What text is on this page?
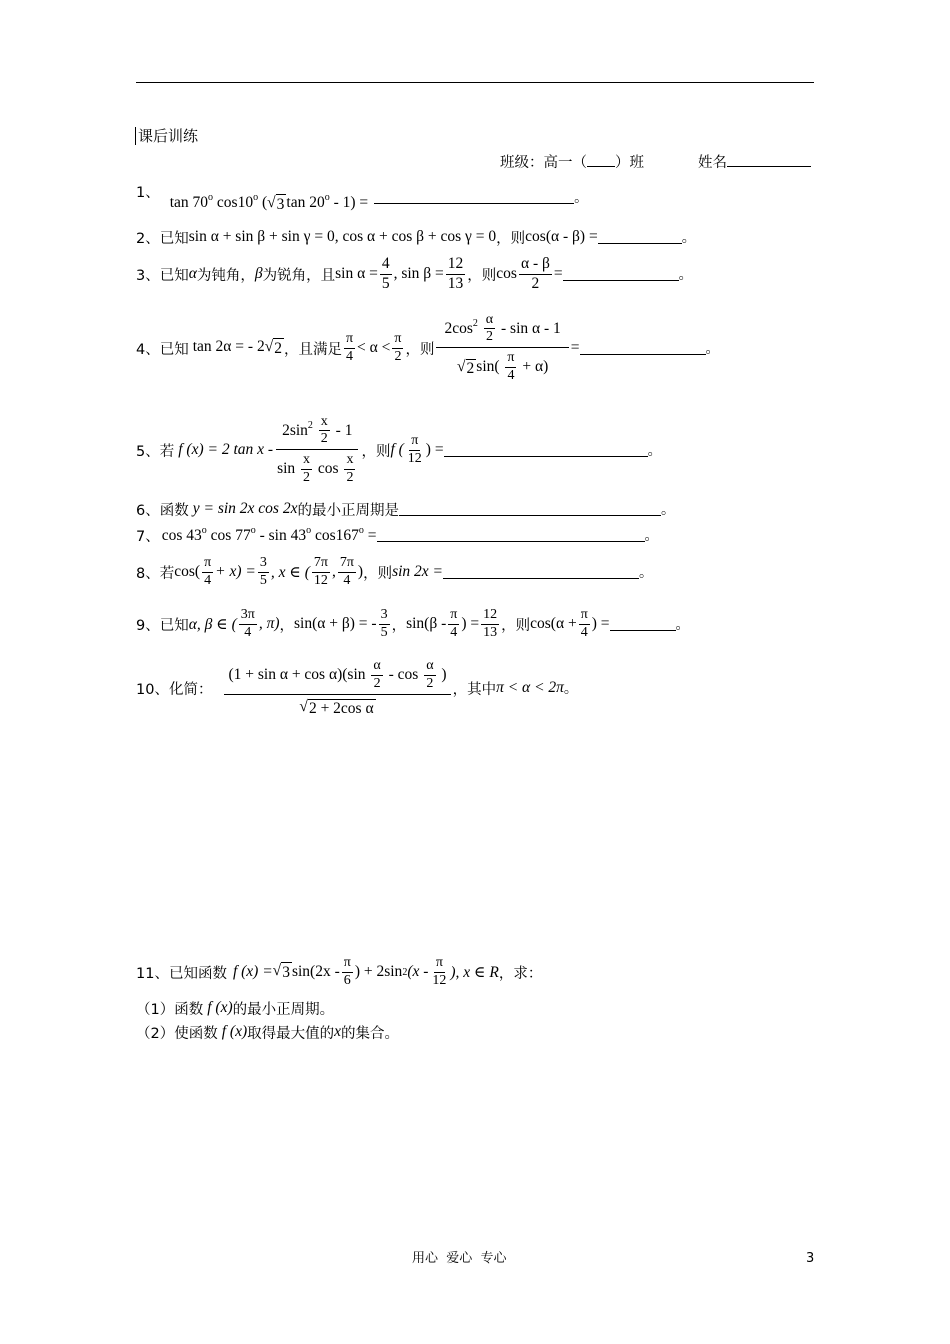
课后训练
班级：高一（ ）班	姓名
1、
tan 70$^o$ cos10$^o$ ( √ 3 tan 20$^o$ - 1) =	。
2、已知 sin α + sin β + sin γ = 0, cos α + cos β + cos γ = 0 ，则 cos(α - β) =	。
3、已知 α 为钝角， β 为锐角，且 $\sin \alpha = \frac{4}{5}$ , $\sin \beta = \frac{12}{13}$ ，则 $\cos \frac{\alpha - \beta}{2}$ =	。
4、已知 tan 2α = - 2 √ 2 ，且满足 $\frac{\pi}{4} < \alpha < \frac{\pi}{2}$ ，则 $\frac{2\cos^2 \frac{\alpha}{2} - \sin \alpha - 1}{√ 2 \sin( \frac{\pi}{4} + \alpha)}$ =	。
5、若 f (x) = 2 tan x - $\frac{2\sin^2 \frac{x}{2} - 1}{\sin \frac{x}{2} \cos \frac{x}{2}}$ ，则 f ( $\frac{\pi}{12}$ ) =	。
6、函数 y = sin 2x cos 2x 的最小正周期是	。
7、 cos 43$^o$ cos 77$^o$ - sin 43$^o$ $\cos 167^o$ =	。
8、若 $\cos( \frac{\pi}{4} + x) = \frac{3}{5}$ , x ∈ ( $\frac{7\pi}{12}$ , $\frac{7\pi}{4}$ ) ，则 sin 2x =	。
9、已知 α, β ∈ ( $\frac{3\pi}{4}$ , π) ， sin(α + β) = - $\frac{3}{5}$ ， $\sin(\beta - \frac{\pi}{4}$ ) = $\frac{12}{13}$ ，则 $\cos(\alpha + \frac{\pi}{4}$ ) =	。
10、化简：
$(1 + \sin \alpha + \cos \alpha)(\sin \frac{\alpha}{2} - \cos \frac{\alpha}{2}$ )
√ 2 + 2cos α
，其中 π < α < 2π 。
11、已知函数 f (x) = √ 3 $\sin(2x - \frac{\pi}{6}$ ) + 2sin 2 ($x - \frac{\pi}{12}$ ), x ∈ R ，求：
（1）函数 f (x) 的最小正周期。
（2）使函数 f (x) 取得最大值的 x 的集合。
用心  爱心  专心	3
